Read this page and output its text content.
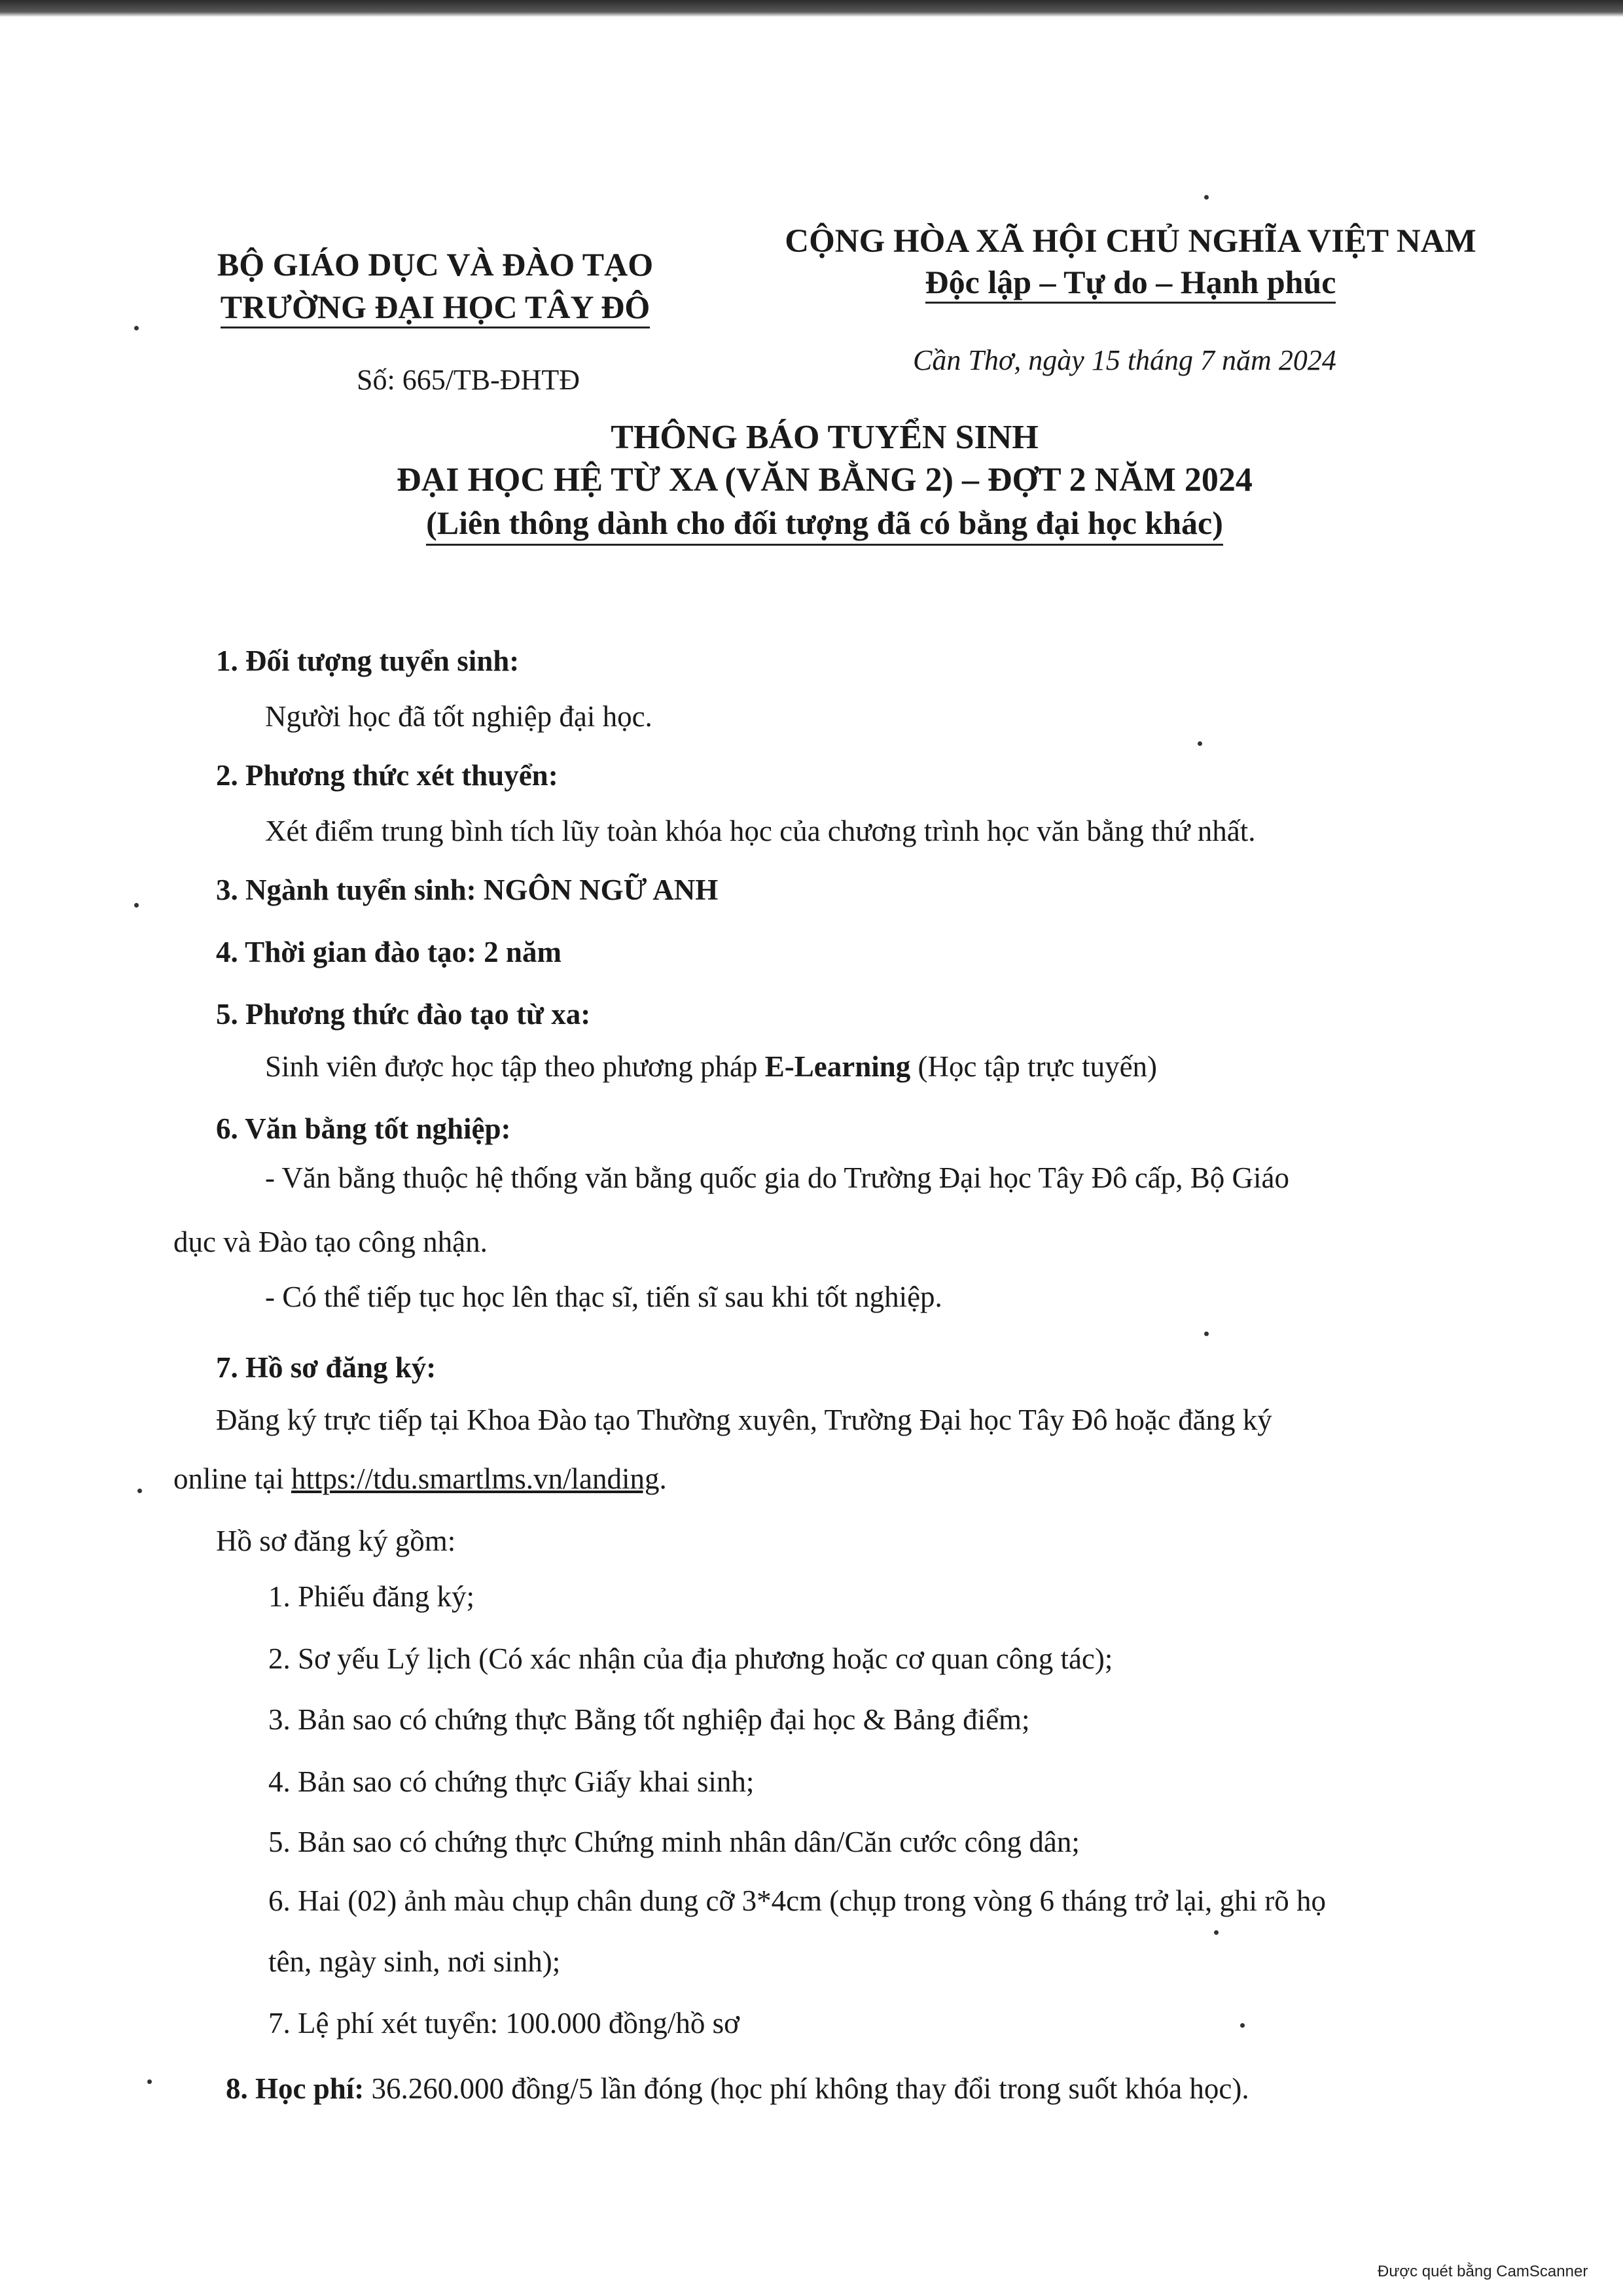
BỘ GIÁO DỤC VÀ ĐÀO TẠO
TRƯỜNG ĐẠI HỌC TÂY ĐÔ
Số: 665/TB-ĐHTĐ
CỘNG HÒA XÃ HỘI CHỦ NGHĨA VIỆT NAM
Độc lập – Tự do – Hạnh phúc
Cần Thơ, ngày 15 tháng 7 năm 2024
THÔNG BÁO TUYỂN SINH
ĐẠI HỌC HỆ TỪ XA (VĂN BẰNG 2) – ĐỢT 2 NĂM 2024
(Liên thông dành cho đối tượng đã có bằng đại học khác)
1. Đối tượng tuyển sinh:
Người học đã tốt nghiệp đại học.
2. Phương thức xét thuyển:
Xét điểm trung bình tích lũy toàn khóa học của chương trình học văn bằng thứ nhất.
3. Ngành tuyển sinh: NGÔN NGỮ ANH
4. Thời gian đào tạo: 2 năm
5. Phương thức đào tạo từ xa:
Sinh viên được học tập theo phương pháp E-Learning (Học tập trực tuyến)
6. Văn bằng tốt nghiệp:
- Văn bằng thuộc hệ thống văn bằng quốc gia do Trường Đại học Tây Đô cấp, Bộ Giáo
dục và Đào tạo công nhận.
- Có thể tiếp tục học lên thạc sĩ, tiến sĩ sau khi tốt nghiệp.
7. Hồ sơ đăng ký:
Đăng ký trực tiếp tại Khoa Đào tạo Thường xuyên, Trường Đại học Tây Đô hoặc đăng ký
online tại https://tdu.smartlms.vn/landing.
Hồ sơ đăng ký gồm:
1. Phiếu đăng ký;
2. Sơ yếu Lý lịch (Có xác nhận của địa phương hoặc cơ quan công tác);
3. Bản sao có chứng thực Bằng tốt nghiệp đại học & Bảng điểm;
4. Bản sao có chứng thực Giấy khai sinh;
5. Bản sao có chứng thực Chứng minh nhân dân/Căn cước công dân;
6. Hai (02) ảnh màu chụp chân dung cỡ 3*4cm (chụp trong vòng 6 tháng trở lại, ghi rõ họ
tên, ngày sinh, nơi sinh);
7. Lệ phí xét tuyển: 100.000 đồng/hồ sơ
8. Học phí: 36.260.000 đồng/5 lần đóng (học phí không thay đổi trong suốt khóa học).
Được quét bằng CamScanner
